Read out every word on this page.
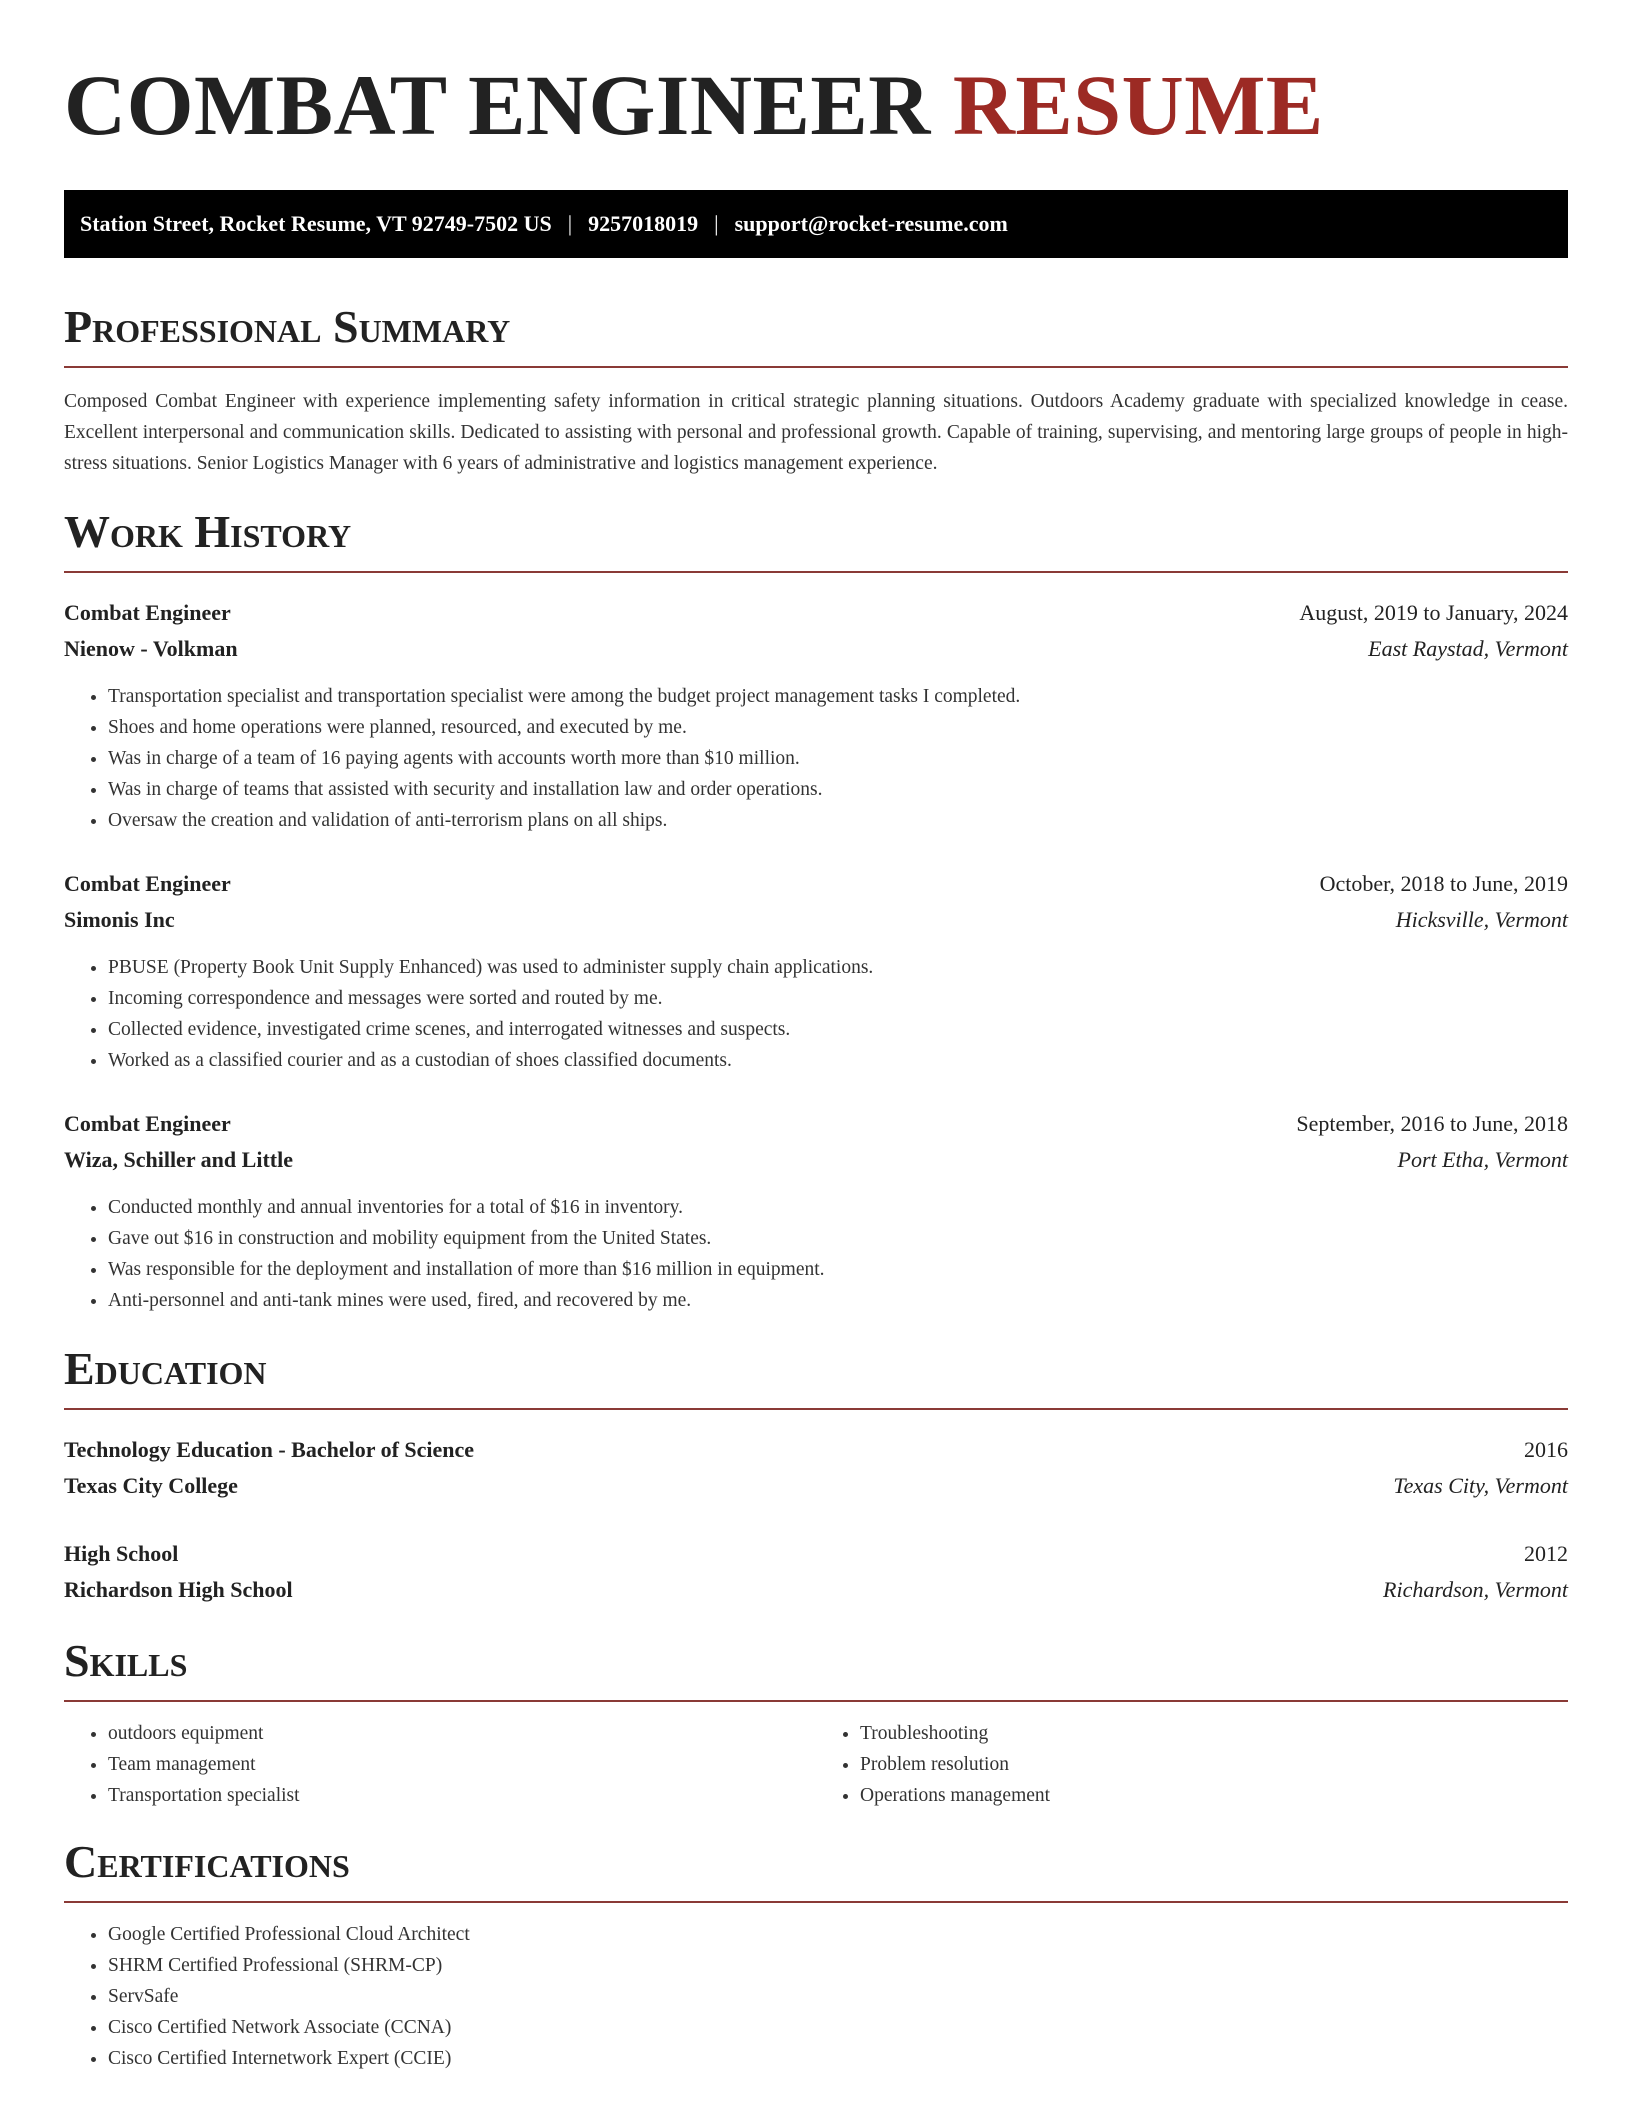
COMBAT ENGINEER RESUME
Station Street, Rocket Resume, VT 92749-7502 US | 9257018019 | support@rocket-resume.com
Professional Summary

Composed Combat Engineer with experience implementing safety information in critical strategic planning situations. Outdoors Academy graduate with specialized knowledge in cease. Excellent interpersonal and communication skills. Dedicated to assisting with personal and professional growth. Capable of training, supervising, and mentoring large groups of people in high-stress situations. Senior Logistics Manager with 6 years of administrative and logistics management experience.

Work History
Combat Engineer	August, 2019 to January, 2024
Nienow - Volkman	East Raystad, Vermont
• Transportation specialist and transportation specialist were among the budget project management tasks I completed.
• Shoes and home operations were planned, resourced, and executed by me.
• Was in charge of a team of 16 paying agents with accounts worth more than $10 million.
• Was in charge of teams that assisted with security and installation law and order operations.
• Oversaw the creation and validation of anti-terrorism plans on all ships.
Combat Engineer	October, 2018 to June, 2019
Simonis Inc	Hicksville, Vermont
• PBUSE (Property Book Unit Supply Enhanced) was used to administer supply chain applications.
• Incoming correspondence and messages were sorted and routed by me.
• Collected evidence, investigated crime scenes, and interrogated witnesses and suspects.
• Worked as a classified courier and as a custodian of shoes classified documents.
Combat Engineer	September, 2016 to June, 2018
Wiza, Schiller and Little	Port Etha, Vermont
• Conducted monthly and annual inventories for a total of $16 in inventory.
• Gave out $16 in construction and mobility equipment from the United States.
• Was responsible for the deployment and installation of more than $16 million in equipment.
• Anti-personnel and anti-tank mines were used, fired, and recovered by me.
Education
Technology Education - Bachelor of Science	2016
Texas City College	Texas City, Vermont
High School	2012
Richardson High School	Richardson, Vermont
Skills
• outdoors equipment
• Team management
• Transportation specialist
• Troubleshooting
• Problem resolution
• Operations management
Certifications
• Google Certified Professional Cloud Architect
• SHRM Certified Professional (SHRM-CP)
• ServSafe
• Cisco Certified Network Associate (CCNA)
• Cisco Certified Internetwork Expert (CCIE)
